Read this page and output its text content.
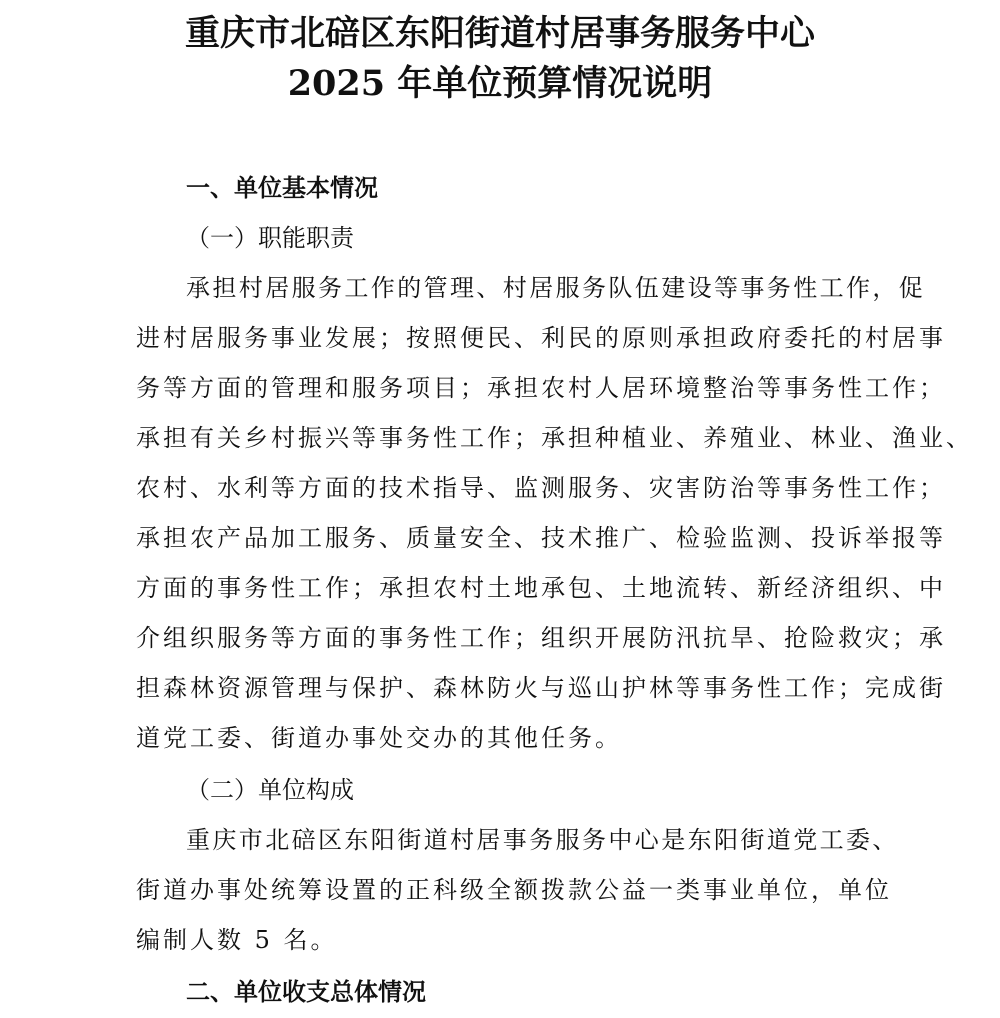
重庆市北碚区东阳街道村居事务服务中心
2025 年单位预算情况说明
一、单位基本情况
（一）职能职责
承担村居服务工作的管理、村居服务队伍建设等事务性工作，促
进村居服务事业发展；按照便民、利民的原则承担政府委托的村居事
务等方面的管理和服务项目；承担农村人居环境整治等事务性工作；
承担有关乡村振兴等事务性工作；承担种植业、养殖业、林业、渔业、
农村、水利等方面的技术指导、监测服务、灾害防治等事务性工作；
承担农产品加工服务、质量安全、技术推广、检验监测、投诉举报等
方面的事务性工作；承担农村土地承包、土地流转、新经济组织、中
介组织服务等方面的事务性工作；组织开展防汛抗旱、抢险救灾；承
担森林资源管理与保护、森林防火与巡山护林等事务性工作；完成街
道党工委、街道办事处交办的其他任务。
（二）单位构成
重庆市北碚区东阳街道村居事务服务中心是东阳街道党工委、
街道办事处统筹设置的正科级全额拨款公益一类事业单位，单位
编制人数 5 名。
二、单位收支总体情况
